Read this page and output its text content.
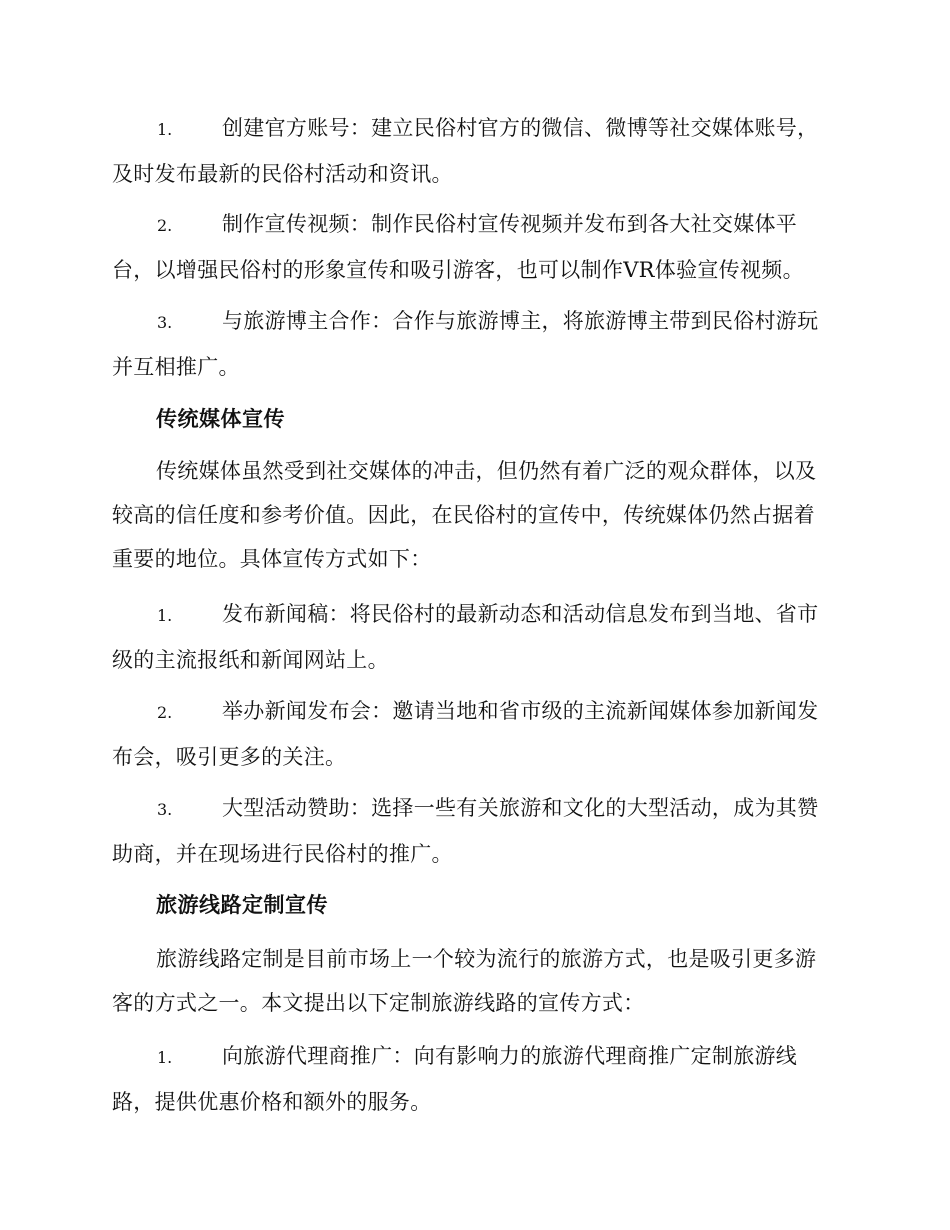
1. 创建官方账号：建立民俗村官方的微信、微博等社交媒体账号，及时发布最新的民俗村活动和资讯。
2. 制作宣传视频：制作民俗村宣传视频并发布到各大社交媒体平台，以增强民俗村的形象宣传和吸引游客，也可以制作VR体验宣传视频。
3. 与旅游博主合作：合作与旅游博主，将旅游博主带到民俗村游玩并互相推广。
传统媒体宣传
传统媒体虽然受到社交媒体的冲击，但仍然有着广泛的观众群体，以及较高的信任度和参考价值。因此，在民俗村的宣传中，传统媒体仍然占据着重要的地位。具体宣传方式如下：
1. 发布新闻稿：将民俗村的最新动态和活动信息发布到当地、省市级的主流报纸和新闻网站上。
2. 举办新闻发布会：邀请当地和省市级的主流新闻媒体参加新闻发布会，吸引更多的关注。
3. 大型活动赞助：选择一些有关旅游和文化的大型活动，成为其赞助商，并在现场进行民俗村的推广。
旅游线路定制宣传
旅游线路定制是目前市场上一个较为流行的旅游方式，也是吸引更多游客的方式之一。本文提出以下定制旅游线路的宣传方式：
1. 向旅游代理商推广：向有影响力的旅游代理商推广定制旅游线路，提供优惠价格和额外的服务。
